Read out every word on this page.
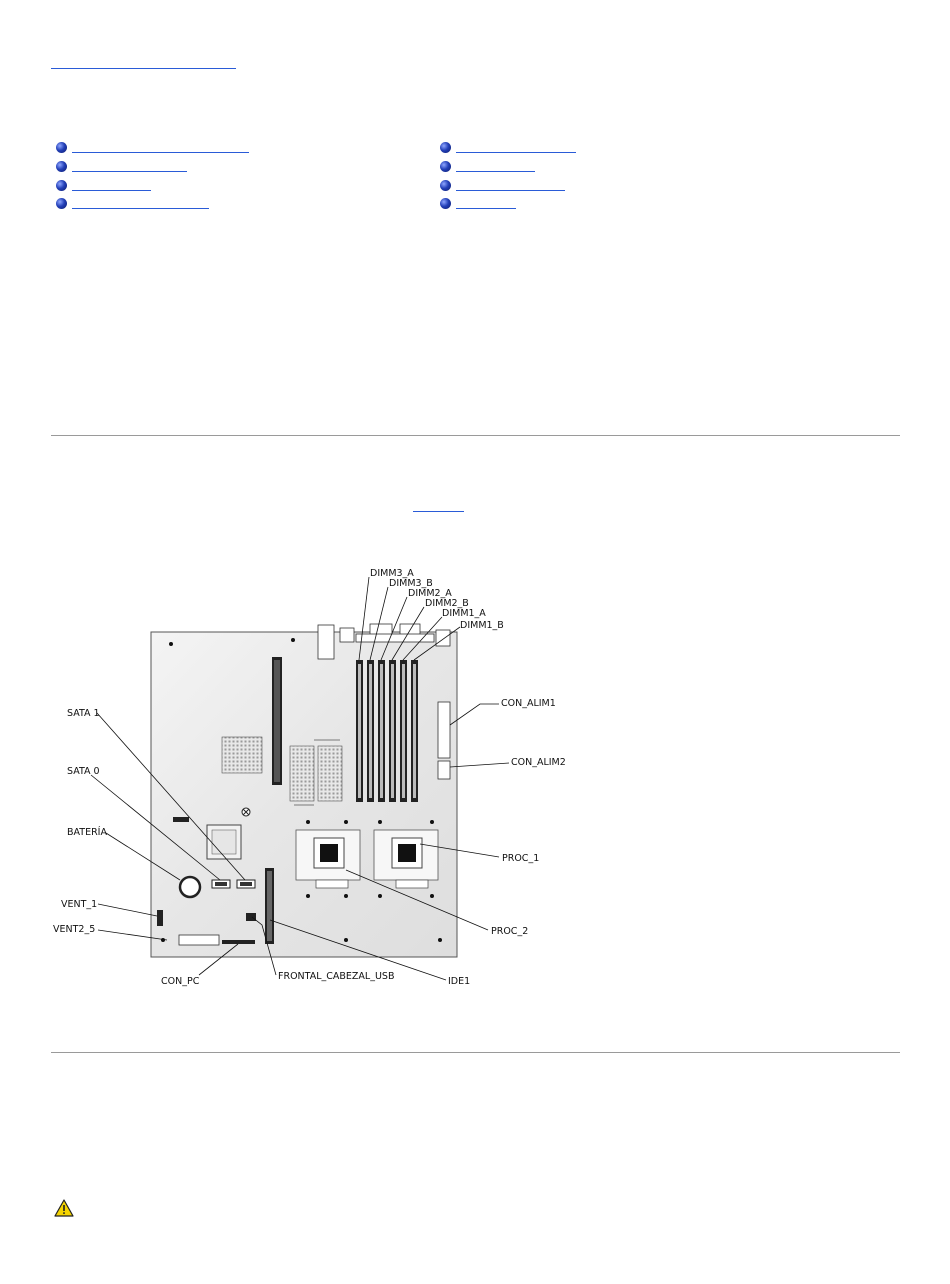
DIMM3_A
DIMM3_B
DIMM2_A
DIMM2_B
DIMM1_A
DIMM1_B
CON_ALIM1
CON_ALIM2
PROC_1
PROC_2
IDE1
FRONTAL_CABEZAL_USB
CON_PC
SATA 1
SATA 0
BATERÍA
VENT_1
VENT2_5
